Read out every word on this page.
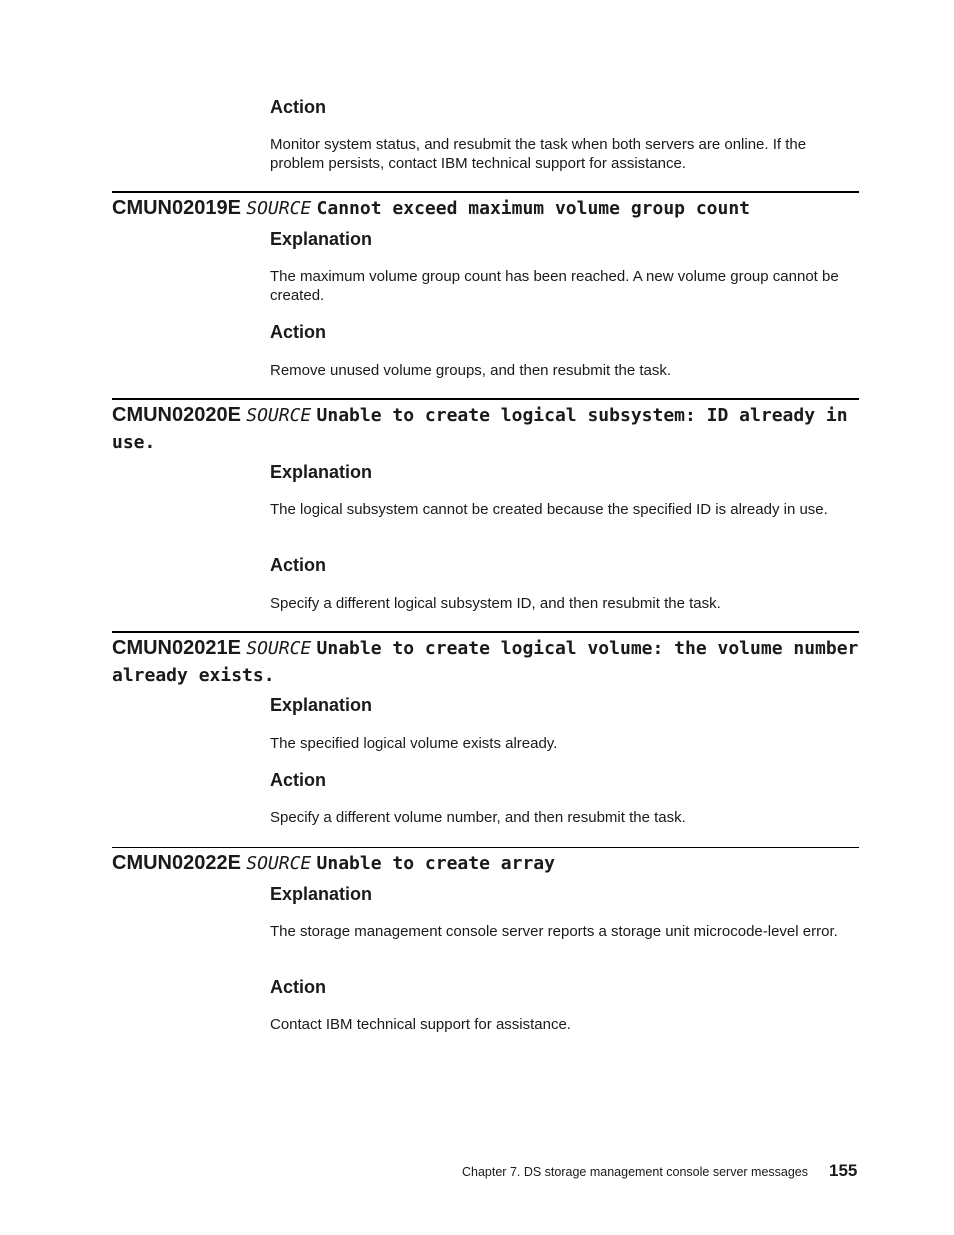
Action

Monitor system status, and resubmit the task when both servers are online. If the problem persists, contact IBM technical support for assistance.

CMUN02019E SOURCE Cannot exceed maximum volume group count
Explanation

The maximum volume group count has been reached. A new volume group cannot be created.

Action

Remove unused volume groups, and then resubmit the task.

CMUN02020E SOURCE Unable to create logical subsystem: ID already in use.
Explanation

The logical subsystem cannot be created because the specified ID is already in use.

Action

Specify a different logical subsystem ID, and then resubmit the task.

CMUN02021E SOURCE Unable to create logical volume: the volume number already exists.
Explanation

The specified logical volume exists already.

Action

Specify a different volume number, and then resubmit the task.

CMUN02022E SOURCE Unable to create array
Explanation

The storage management console server reports a storage unit microcode-level error.

Action

Contact IBM technical support for assistance.

Chapter 7. DS storage management console server messages 155
